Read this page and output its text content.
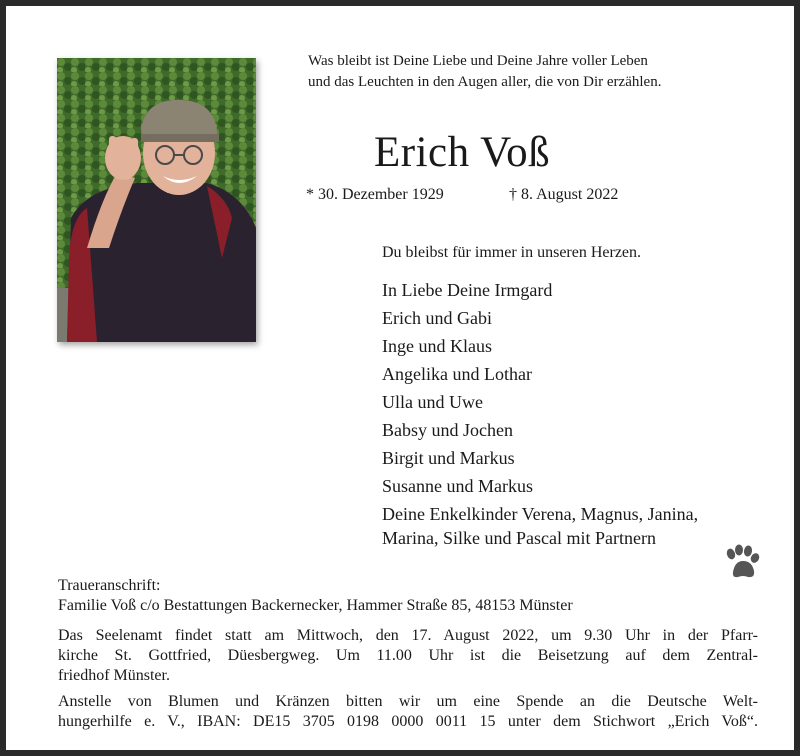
Was bleibt ist Deine Liebe und Deine Jahre voller Leben
und das Leuchten in den Augen aller, die von Dir erzählen.
Erich Voß
* 30. Dezember 1929	† 8. August 2022
Du bleibst für immer in unseren Herzen.
In Liebe Deine Irmgard
Erich und Gabi
Inge und Klaus
Angelika und Lothar
Ulla und Uwe
Babsy und Jochen
Birgit und Markus
Susanne und Markus
Deine Enkelkinder Verena, Magnus, Janina,
Marina, Silke und Pascal mit Partnern
Traueranschrift:
Familie Voß c/o Bestattungen Backernecker, Hammer Straße 85, 48153 Münster
Das Seelenamt findet statt am Mittwoch, den 17. August 2022, um 9.30 Uhr in der Pfarr-
kirche St. Gottfried, Düesbergweg. Um 11.00 Uhr ist die Beisetzung auf dem Zentral-
friedhof Münster.
Anstelle von Blumen und Kränzen bitten wir um eine Spende an die Deutsche Welt-
hungerhilfe e. V., IBAN: DE15 3705 0198 0000 0011 15 unter dem Stichwort „Erich Voß“.
